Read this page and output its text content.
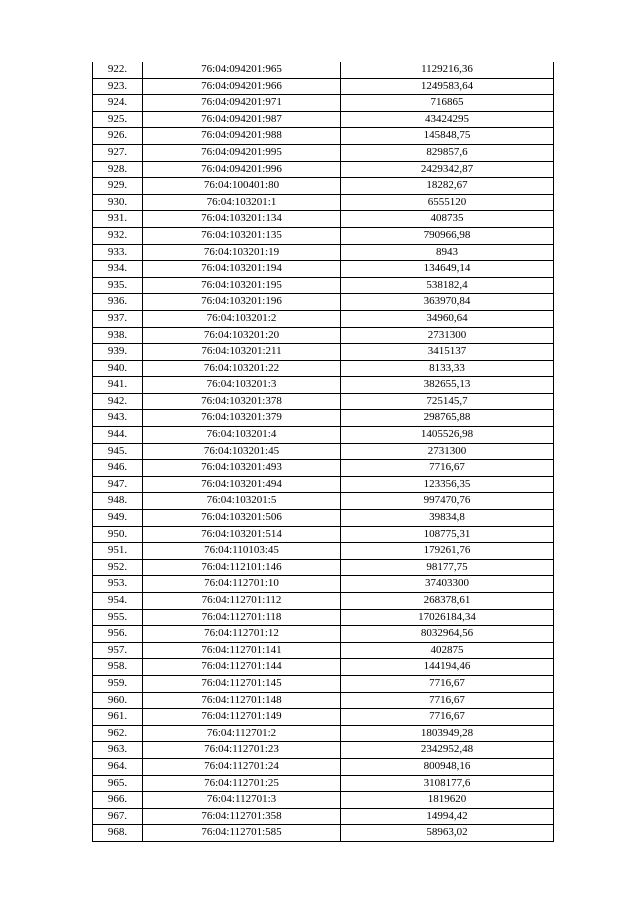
922.	76:04:094201:965	1129216,36
923.	76:04:094201:966	1249583,64
924.	76:04:094201:971	716865
925.	76:04:094201:987	43424295
926.	76:04:094201:988	145848,75
927.	76:04:094201:995	829857,6
928.	76:04:094201:996	2429342,87
929.	76:04:100401:80	18282,67
930.	76:04:103201:1	6555120
931.	76:04:103201:134	408735
932.	76:04:103201:135	790966,98
933.	76:04:103201:19	8943
934.	76:04:103201:194	134649,14
935.	76:04:103201:195	538182,4
936.	76:04:103201:196	363970,84
937.	76:04:103201:2	34960,64
938.	76:04:103201:20	2731300
939.	76:04:103201:211	3415137
940.	76:04:103201:22	8133,33
941.	76:04:103201:3	382655,13
942.	76:04:103201:378	725145,7
943.	76:04:103201:379	298765,88
944.	76:04:103201:4	1405526,98
945.	76:04:103201:45	2731300
946.	76:04:103201:493	7716,67
947.	76:04:103201:494	123356,35
948.	76:04:103201:5	997470,76
949.	76:04:103201:506	39834,8
950.	76:04:103201:514	108775,31
951.	76:04:110103:45	179261,76
952.	76:04:112101:146	98177,75
953.	76:04:112701:10	37403300
954.	76:04:112701:112	268378,61
955.	76:04:112701:118	17026184,34
956.	76:04:112701:12	8032964,56
957.	76:04:112701:141	402875
958.	76:04:112701:144	144194,46
959.	76:04:112701:145	7716,67
960.	76:04:112701:148	7716,67
961.	76:04:112701:149	7716,67
962.	76:04:112701:2	1803949,28
963.	76:04:112701:23	2342952,48
964.	76:04:112701:24	800948,16
965.	76:04:112701:25	3108177,6
966.	76:04:112701:3	1819620
967.	76:04:112701:358	14994,42
968.	76:04:112701:585	58963,02
